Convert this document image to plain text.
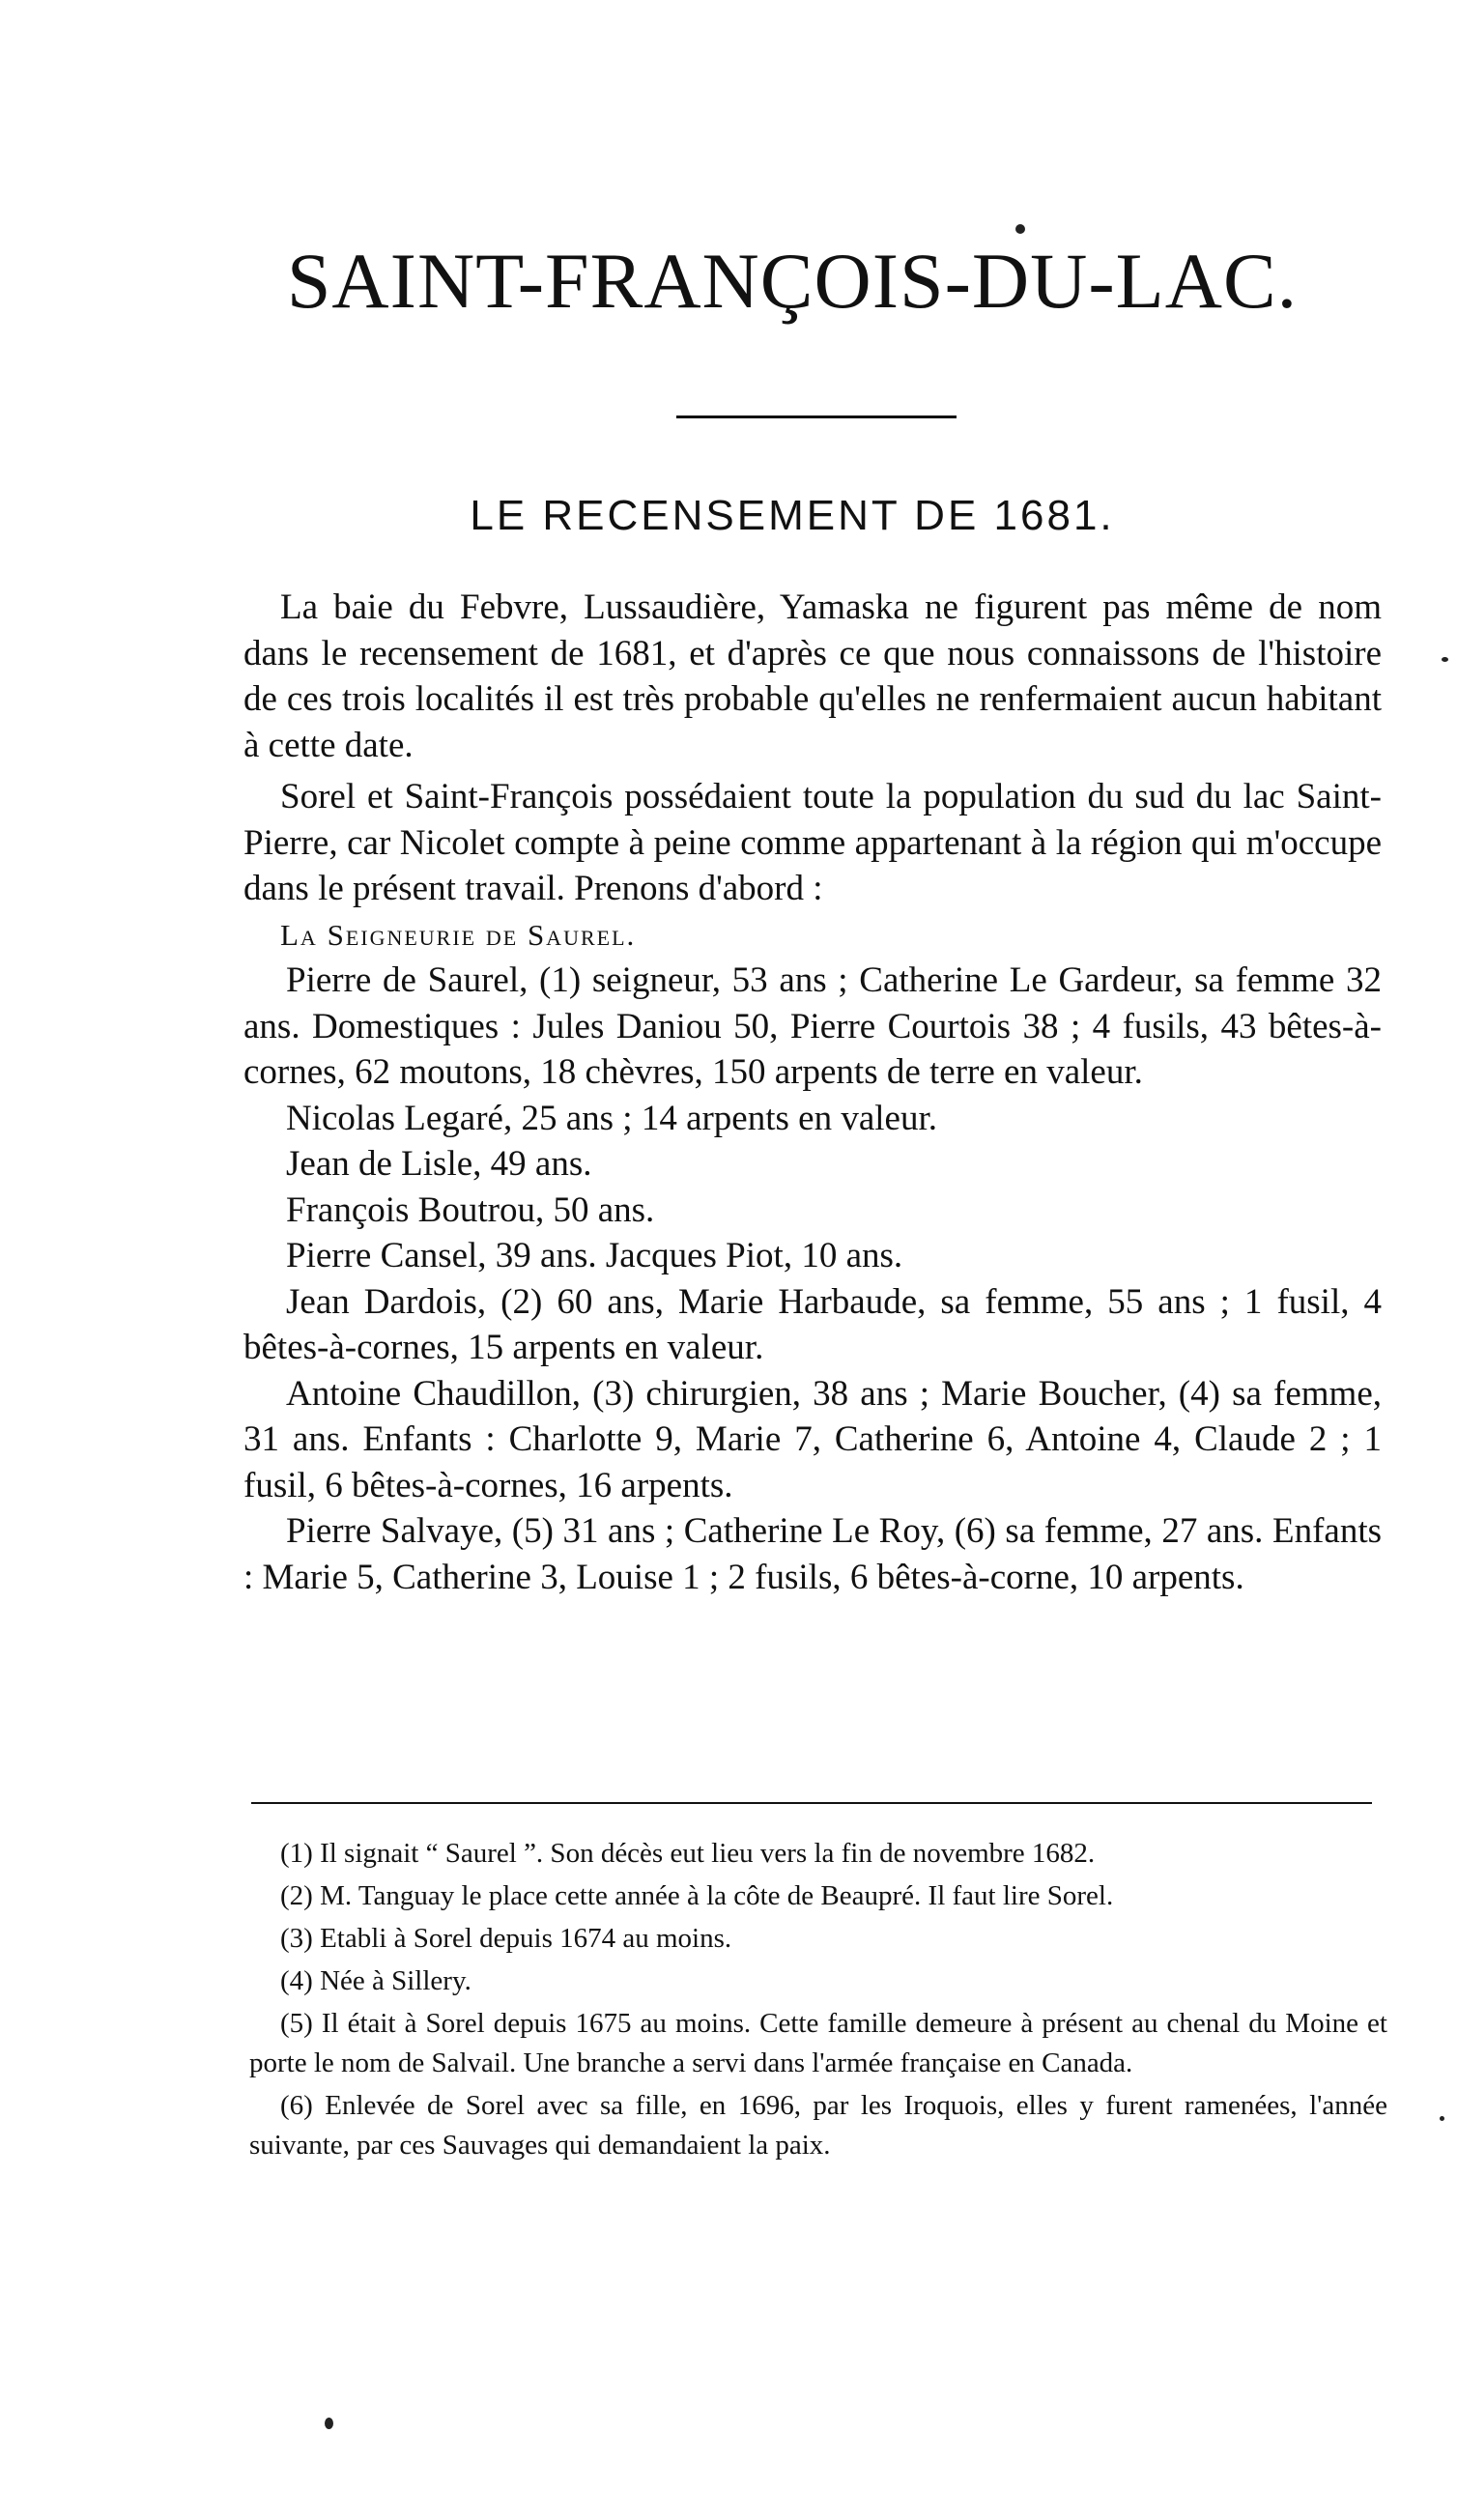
SAINT-FRANÇOIS-DU-LAC.
LE RECENSEMENT DE 1681.

La baie du Febvre, Lussaudière, Yamaska ne figurent pas même de nom dans le recensement de 1681, et d'après ce que nous connaissons de l'histoire de ces trois localités il est très probable qu'elles ne renfermaient aucun habitant à cette date.

Sorel et Saint-François possédaient toute la population du sud du lac Saint-Pierre, car Nicolet compte à peine comme appartenant à la région qui m'occupe dans le présent travail. Prenons d'abord :

La Seigneurie de Saurel.

Pierre de Saurel, (1) seigneur, 53 ans ; Catherine Le Gardeur, sa femme 32 ans. Domestiques : Jules Daniou 50, Pierre Courtois 38 ; 4 fusils, 43 bêtes-à-cornes, 62 moutons, 18 chèvres, 150 arpents de terre en valeur.

Nicolas Legaré, 25 ans ; 14 arpents en valeur.

Jean de Lisle, 49 ans.

François Boutrou, 50 ans.

Pierre Cansel, 39 ans. Jacques Piot, 10 ans.

Jean Dardois, (2) 60 ans, Marie Harbaude, sa femme, 55 ans ; 1 fusil, 4 bêtes-à-cornes, 15 arpents en valeur.

Antoine Chaudillon, (3) chirurgien, 38 ans ; Marie Boucher, (4) sa femme, 31 ans. Enfants : Charlotte 9, Marie 7, Catherine 6, Antoine 4, Claude 2 ; 1 fusil, 6 bêtes-à-cornes, 16 arpents.

Pierre Salvaye, (5) 31 ans ; Catherine Le Roy, (6) sa femme, 27 ans. Enfants : Marie 5, Catherine 3, Louise 1 ; 2 fusils, 6 bêtes-à-corne, 10 arpents.

(1) Il signait “ Saurel ”. Son décès eut lieu vers la fin de novembre 1682.

(2) M. Tanguay le place cette année à la côte de Beaupré. Il faut lire Sorel.

(3) Etabli à Sorel depuis 1674 au moins.

(4) Née à Sillery.

(5) Il était à Sorel depuis 1675 au moins. Cette famille demeure à présent au chenal du Moine et porte le nom de Salvail. Une branche a servi dans l'armée française en Canada.

(6) Enlevée de Sorel avec sa fille, en 1696, par les Iroquois, elles y furent ramenées, l'année suivante, par ces Sauvages qui demandaient la paix.
